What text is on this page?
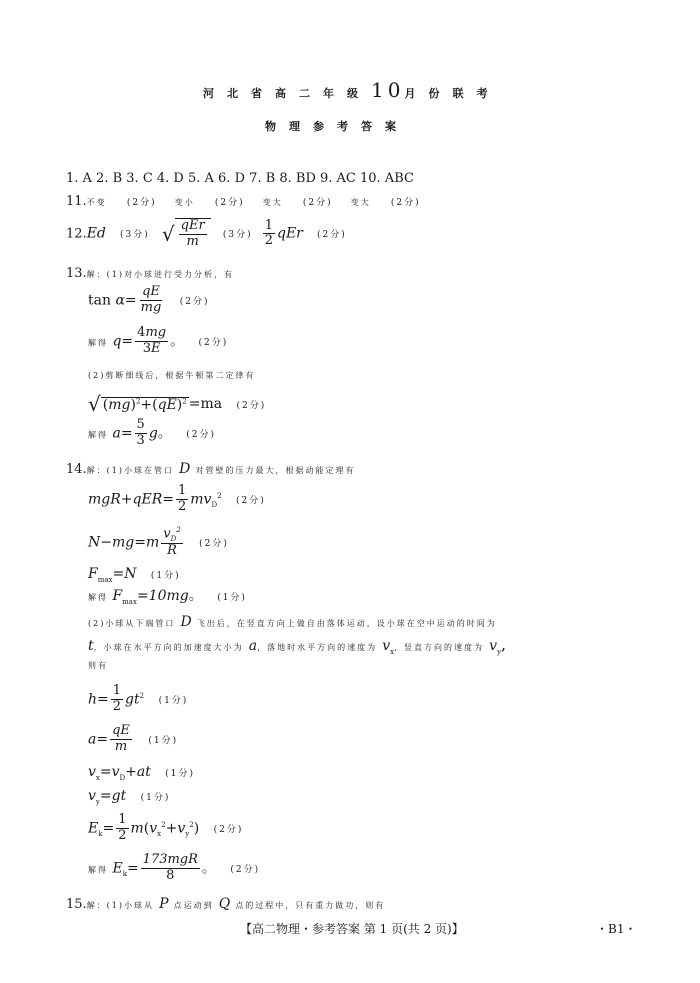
河北省高二年级10月份联考
物理参考答案
1. A 2. B 3. C 4. D 5. A 6. D 7. B 8. BD 9. AC 10. ABC
11.不变 (2分) 变小 (2分) 变大 (2分) 变大 (2分)
12.Ed (3分) √ $\frac{\text{qEr}}{m} (3$分) $\frac{1}{2}$ qEr (2分)
13.解：(1)对小球进行受力分析，有
$\tan \alpha= \frac{qE}{mg} (2$分)
解得 $q= \frac{4mg}{3E}$ 。 (2分)
(2)剪断细线后，根据牛顿第二定律有
√ (mg)$^2$+(qE)$^2$ =ma (2分)
解得 $a= \frac{5}{3}$ g。 (2分)
14.解：(1)小球在管口 D 对管壁的压力最大，根据动能定理有
$mgR+qER= \frac{1}{2} mv_D^2$ (2分)
$N-mg=m \frac{v_D^2}{R} (2$分)
$F_{max}=N$ (1分)
解得 $F_{max}=10mg$。 (1分)
(2)小球从下端管口 D 飞出后，在竖直方向上做自由落体运动，设小球在空中运动的时间为
t，小球在水平方向的加速度大小为 a，落地时水平方向的速度为 $v_x$，竖直方向的速度为 $v_y$,
则有
$h= \frac{1}{2} gt^2$ (1分)
$a= \frac{qE}{m} (1$分)
$v_x=v_D+at$ (1分)
$v_y=gt$ (1分)
$E_k= \frac{1}{2} m(v_x^2+v_y^2)$ (2分)
解得 $E_k= \frac{\text{173mgR}}{8}$ 。 (2分)
15.解：(1)小球从 P 点运动到 Q 点的过程中，只有重力做功，则有
【高二物理・参考答案 第 1 页(共 2 页)】	・B1・
